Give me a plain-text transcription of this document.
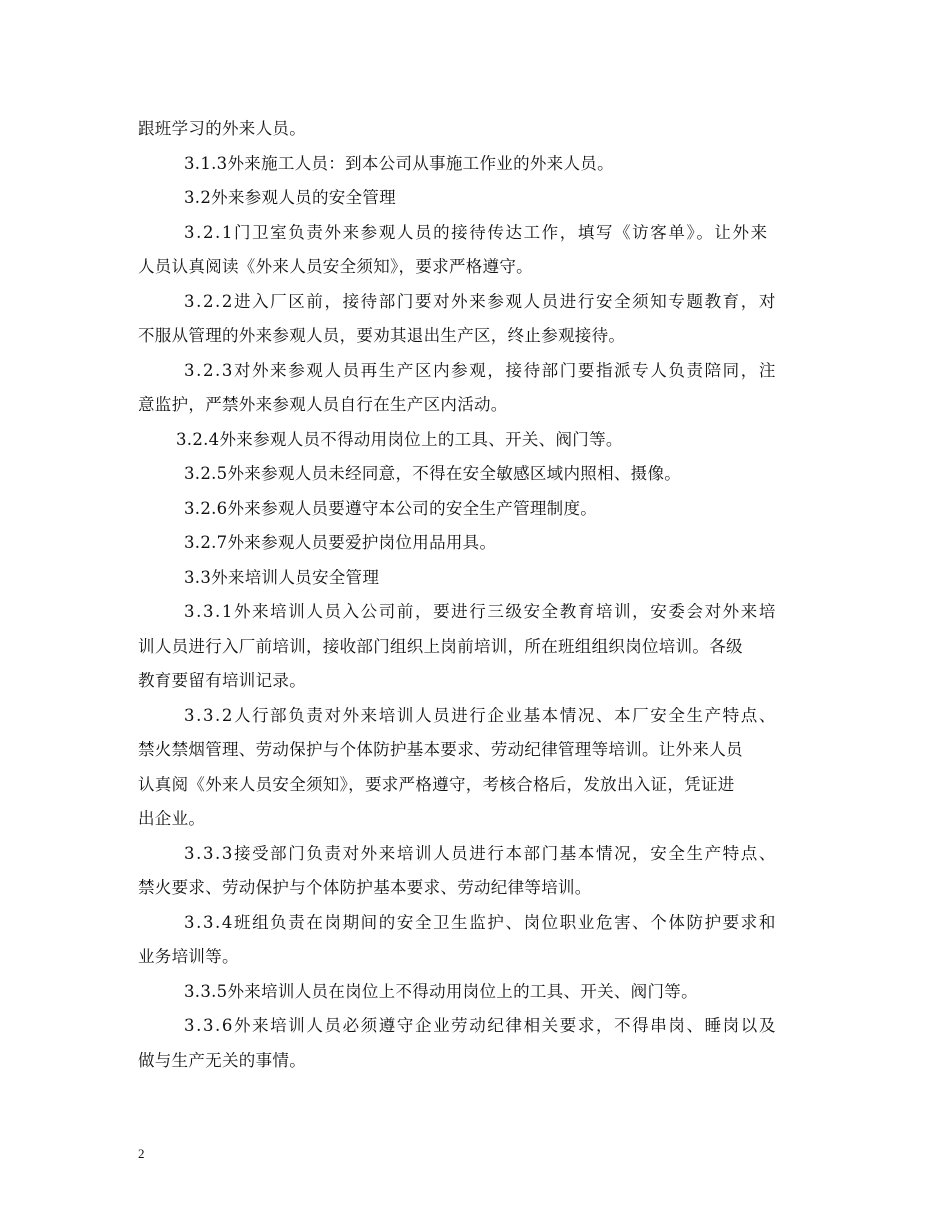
跟班学习的外来人员。
3.1.3外来施工人员：到本公司从事施工作业的外来人员。
3.2外来参观人员的安全管理
3.2.1门卫室负责外来参观人员的接待传达工作，填写《访客单》。让外来
人员认真阅读《外来人员安全须知》，要求严格遵守。
3.2.2进入厂区前，接待部门要对外来参观人员进行安全须知专题教育，对
不服从管理的外来参观人员，要劝其退出生产区，终止参观接待。
3.2.3对外来参观人员再生产区内参观，接待部门要指派专人负责陪同，注
意监护，严禁外来参观人员自行在生产区内活动。
3.2.4外来参观人员不得动用岗位上的工具、开关、阀门等。
3.2.5外来参观人员未经同意，不得在安全敏感区域内照相、摄像。
3.2.6外来参观人员要遵守本公司的安全生产管理制度。
3.2.7外来参观人员要爱护岗位用品用具。
3.3外来培训人员安全管理
3.3.1外来培训人员入公司前，要进行三级安全教育培训，安委会对外来培
训人员进行入厂前培训，接收部门组织上岗前培训，所在班组组织岗位培训。各级
教育要留有培训记录。
3.3.2人行部负责对外来培训人员进行企业基本情况、本厂安全生产特点、
禁火禁烟管理、劳动保护与个体防护基本要求、劳动纪律管理等培训。让外来人员
认真阅《外来人员安全须知》，要求严格遵守，考核合格后，发放出入证，凭证进
出企业。
3.3.3接受部门负责对外来培训人员进行本部门基本情况，安全生产特点、
禁火要求、劳动保护与个体防护基本要求、劳动纪律等培训。
3.3.4班组负责在岗期间的安全卫生监护、岗位职业危害、个体防护要求和
业务培训等。
3.3.5外来培训人员在岗位上不得动用岗位上的工具、开关、阀门等。
3.3.6外来培训人员必须遵守企业劳动纪律相关要求，不得串岗、睡岗以及
做与生产无关的事情。
2
